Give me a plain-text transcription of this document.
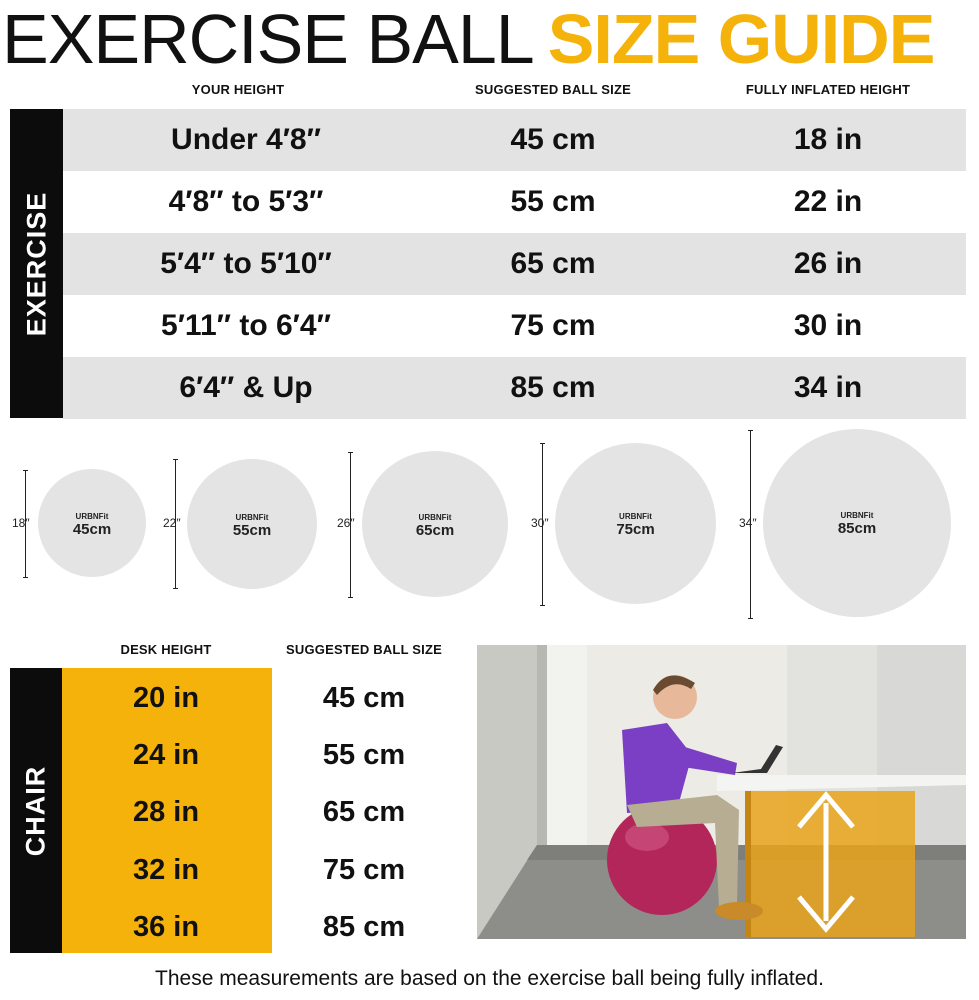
EXERCISE BALL SIZE GUIDE
YOUR HEIGHT	SUGGESTED BALL SIZE	FULLY INFLATED HEIGHT
EXERCISE
Under 4′8″	45 cm	18 in
4′8″ to 5′3″	55 cm	22 in
5′4″ to 5′10″	65 cm	26 in
5′11″ to 6′4″	75 cm	30 in
6′4″ & Up	85 cm	34 in
18″	URBNFit
45cm	22″	URBNFit
55cm	26″	URBNFit
65cm	30″	URBNFit
75cm	34″
URBNFit
85cm
DESK HEIGHT	SUGGESTED BALL SIZE
CHAIR
20 in	45 cm
24 in	55 cm
28 in	65 cm
32 in	75 cm
36 in	85 cm
These measurements are based on the exercise ball being fully inflated.
